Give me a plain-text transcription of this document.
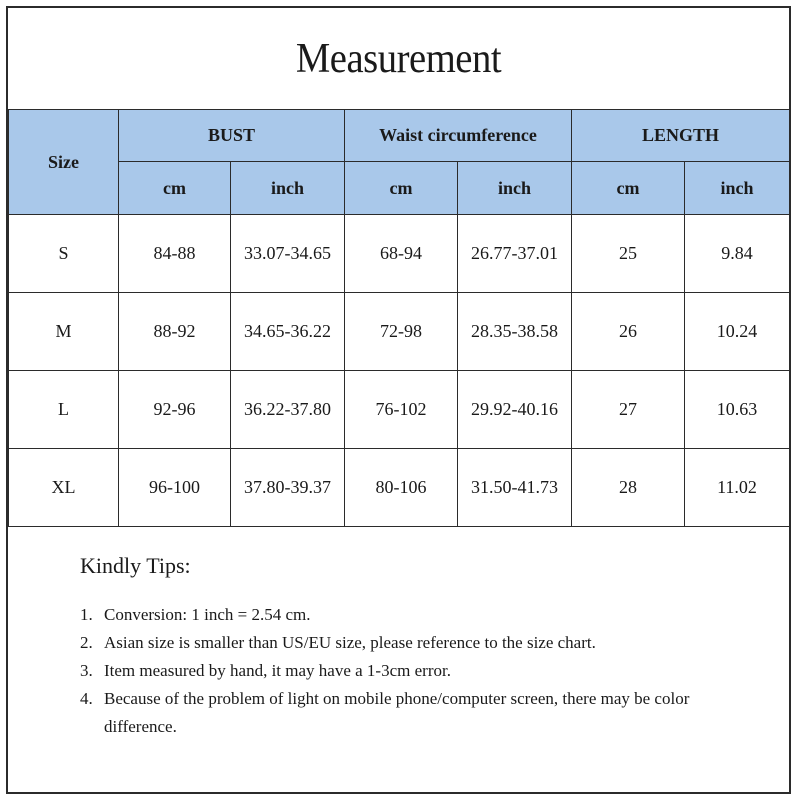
Measurement
Size	BUST		Waist circumference		LENGTH	
	cm	inch	cm	inch	cm	inch
S	84-88	33.07-34.65	68-94	26.77-37.01	25	9.84
M	88-92	34.65-36.22	72-98	28.35-38.58	26	10.24
L	92-96	36.22-37.80	76-102	29.92-40.16	27	10.63
XL	96-100	37.80-39.37	80-106	31.50-41.73	28	11.02
Kindly Tips:
1. Conversion: 1 inch = 2.54 cm.
2. Asian size is smaller than US/EU size, please reference to the size chart.
3. Item measured by hand, it may have a 1-3cm error.
4. Because of the problem of light on mobile phone/computer screen, there may be color difference.
